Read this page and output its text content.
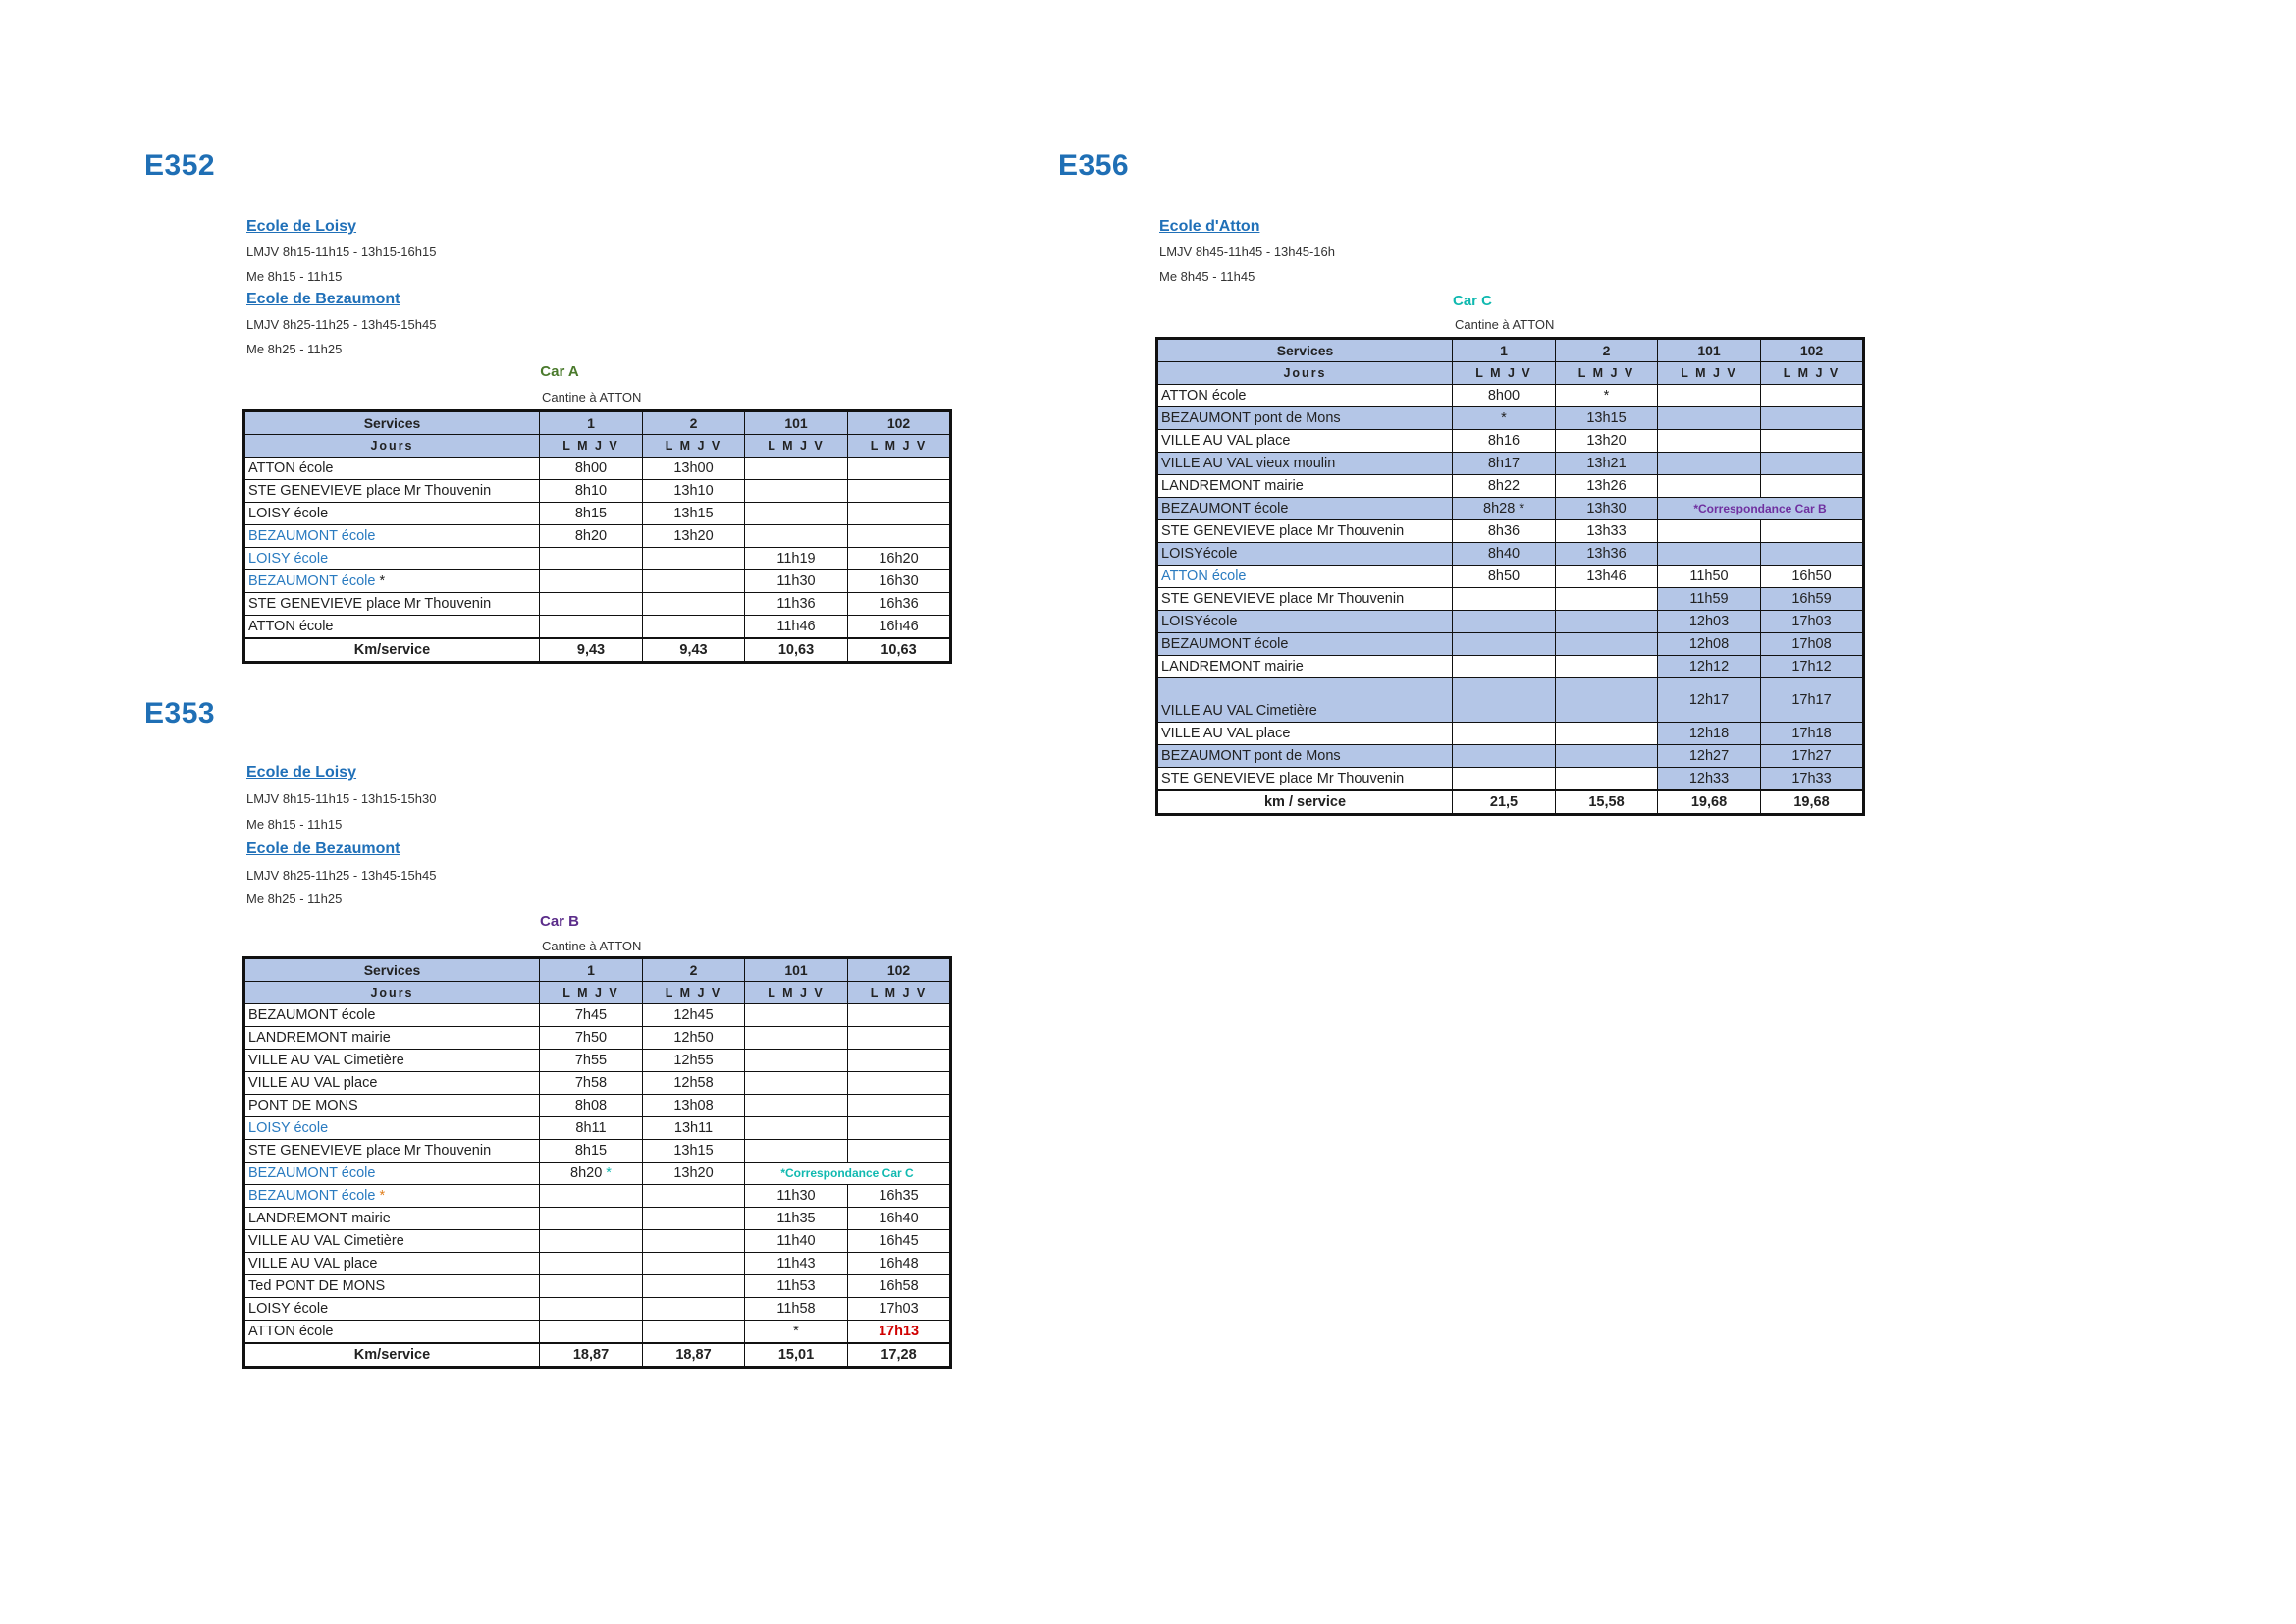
E352
Ecole de Loisy
LMJV 8h15-11h15 - 13h15-16h15
Me 8h15 - 11h15
Ecole de Bezaumont
LMJV 8h25-11h25 - 13h45-15h45
Me 8h25 - 11h25
Car A
Cantine à ATTON
Services	1	2	101	102
Jours	L M J V	L M J V	L M J V	L M J V
ATTON école	8h00	13h00		
STE GENEVIEVE place Mr Thouvenin	8h10	13h10		
LOISY école	8h15	13h15		
BEZAUMONT école	8h20	13h20		
LOISY école			11h19	16h20
BEZAUMONT école *			11h30	16h30
STE GENEVIEVE place Mr Thouvenin			11h36	16h36
ATTON école			11h46	16h46
Km/service	9,43	9,43	10,63	10,63
E353
Ecole de Loisy
LMJV 8h15-11h15 - 13h15-15h30
Me 8h15 - 11h15
Ecole de Bezaumont
LMJV 8h25-11h25 - 13h45-15h45
Me 8h25 - 11h25
Car B
Cantine à ATTON
Services	1	2	101	102
Jours	L M J V	L M J V	L M J V	L M J V
BEZAUMONT école	7h45	12h45		
LANDREMONT mairie	7h50	12h50		
VILLE AU VAL Cimetière	7h55	12h55		
VILLE AU VAL place	7h58	12h58		
PONT DE MONS	8h08	13h08		
LOISY école	8h11	13h11		
STE GENEVIEVE place Mr Thouvenin	8h15	13h15		
BEZAUMONT école	8h20 *	13h20	*Correspondance Car C	
BEZAUMONT école *			11h30	16h35
LANDREMONT mairie			11h35	16h40
VILLE AU VAL Cimetière			11h40	16h45
VILLE AU VAL place			11h43	16h48
Ted PONT DE MONS			11h53	16h58
LOISY école			11h58	17h03
ATTON école			*	17h13
Km/service	18,87	18,87	15,01	17,28
E356
Ecole d'Atton
LMJV 8h45-11h45 - 13h45-16h
Me 8h45 - 11h45
Car C
Cantine à ATTON
Services	1	2	101	102
Jours	L M J V	L M J V	L M J V	L M J V
ATTON école	8h00	*		
BEZAUMONT pont de Mons	*	13h15		
VILLE AU VAL place	8h16	13h20		
VILLE AU VAL vieux moulin	8h17	13h21		
LANDREMONT mairie	8h22	13h26		
BEZAUMONT école	8h28 *	13h30	*Correspondance Car B	
STE GENEVIEVE place Mr Thouvenin	8h36	13h33		
LOISYécole	8h40	13h36		
ATTON école	8h50	13h46	11h50	16h50
STE GENEVIEVE place Mr Thouvenin			11h59	16h59
LOISYécole			12h03	17h03
BEZAUMONT école			12h08	17h08
LANDREMONT mairie			12h12	17h12
VILLE AU VAL Cimetière			12h17	17h17
VILLE AU VAL place			12h18	17h18
BEZAUMONT pont de Mons			12h27	17h27
STE GENEVIEVE place Mr Thouvenin			12h33	17h33
km / service	21,5	15,58	19,68	19,68
